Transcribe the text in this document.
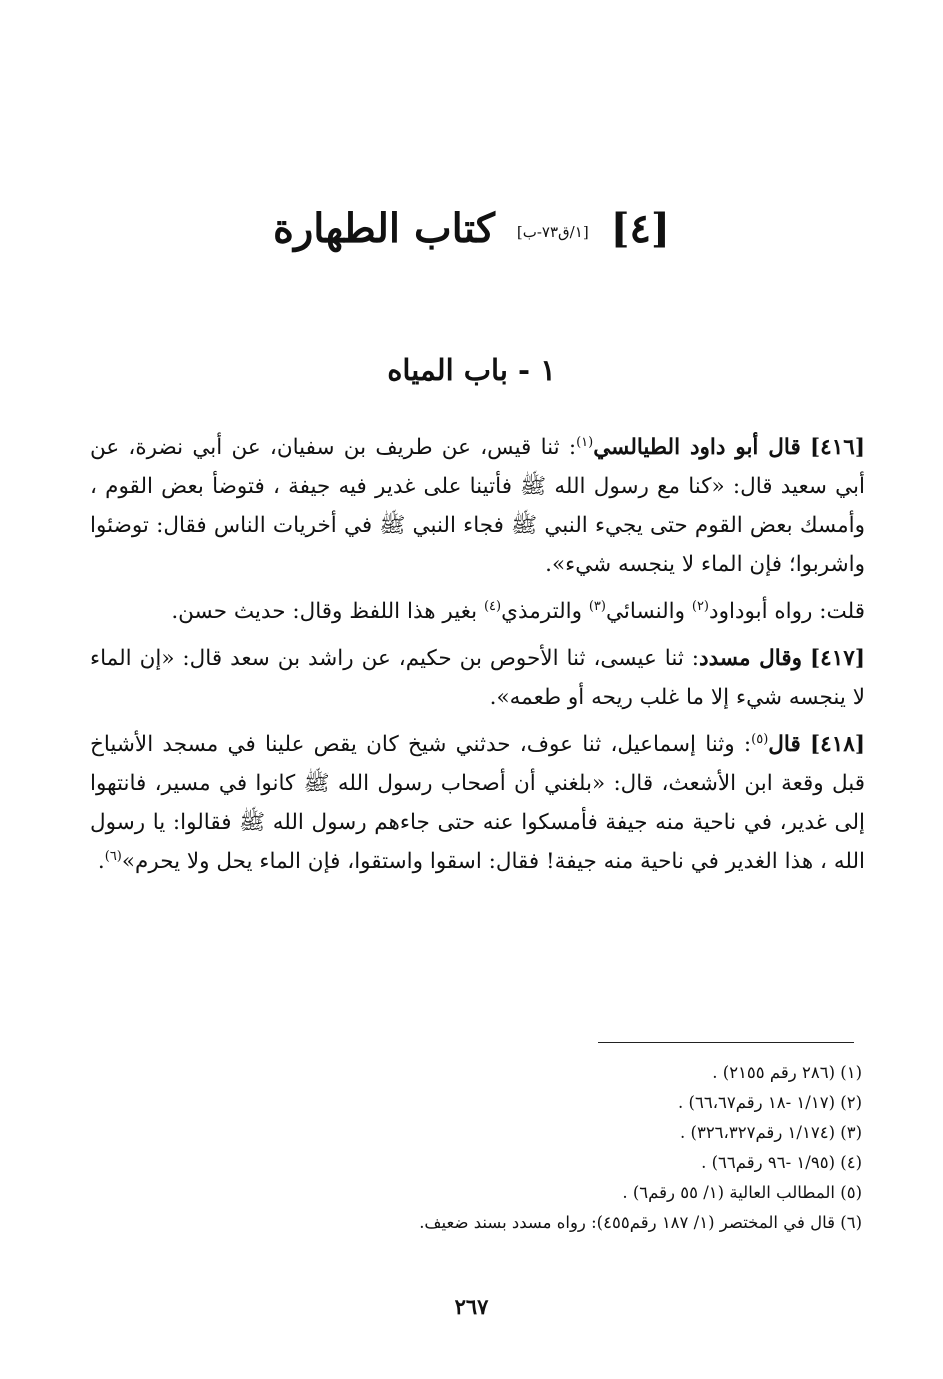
[٤] [١/ق٧٣-ب] كتاب الطهارة
١ - باب المياه

[٤١٦] قال أبو داود الطيالسي$^{(١)}$: ثنا قيس، عن طريف بن سفيان، عن أبي نضرة، عن أبي سعيد قال: «كنا مع رسول الله ﷺ فأتينا على غدير فيه جيفة ، فتوضأ بعض القوم ، وأمسك بعض القوم حتى يجيء النبي ﷺ فجاء النبي ﷺ في أخريات الناس فقال: توضئوا واشربوا؛ فإن الماء لا ينجسه شيء».

قلت: رواه أبوداود$^{(٢)}$ والنسائي$^{(٣)}$ والترمذي$^{(٤)}$ بغير هذا اللفظ وقال: حديث حسن.

[٤١٧] وقال مسدد: ثنا عيسى، ثنا الأحوص بن حكيم، عن راشد بن سعد قال: «إن الماء لا ينجسه شيء إلا ما غلب ريحه أو طعمه».

[٤١٨] قال$^{(٥)}$: وثنا إسماعيل، ثنا عوف، حدثني شيخ كان يقص علينا في مسجد الأشياخ قبل وقعة ابن الأشعث، قال: «بلغني أن أصحاب رسول الله ﷺ كانوا في مسير، فانتهوا إلى غدير، في ناحية منه جيفة فأمسكوا عنه حتى جاءهم رسول الله ﷺ فقالوا: يا رسول الله ، هذا الغدير في ناحية منه جيفة! فقال: اسقوا واستقوا، فإن الماء يحل ولا يحرم»$^{(٦)}$.

(١) (٢٨٦ رقم ٢١٥٥) .
(٢) (١/١٧ -١٨ رقم٦٦،٦٧) .
(٣) (١/١٧٤ رقم٣٢٦،٣٢٧) .
(٤) (١/٩٥ -٩٦ رقم٦٦) .
(٥) المطالب العالية (١/ ٥٥ رقم٦) .
(٦) قال في المختصر (١/ ١٨٧ رقم٤٥٥): رواه مسدد بسند ضعيف.
٢٦٧
